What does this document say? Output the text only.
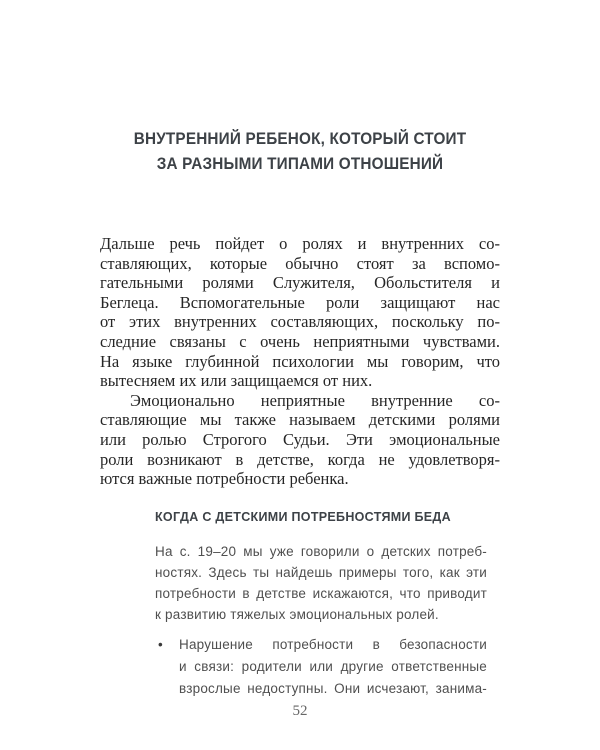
ВНУТРЕННИЙ РЕБЕНОК, КОТОРЫЙ СТОИТ
ЗА РАЗНЫМИ ТИПАМИ ОТНОШЕНИЙ
Дальше речь пойдет о ролях и внутренних со-
ставляющих, которые обычно стоят за вспомо-
гательными ролями Служителя, Обольстителя и
Беглеца. Вспомогательные роли защищают нас
от этих внутренних составляющих, поскольку по-
следние связаны с очень неприятными чувствами.
На языке глубинной психологии мы говорим, что
вытесняем их или защищаемся от них.
Эмоционально неприятные внутренние со-
ставляющие мы также называем детскими ролями
или ролью Строгого Судьи. Эти эмоциональные
роли возникают в детстве, когда не удовлетворя-
ются важные потребности ребенка.
КОГДА С ДЕТСКИМИ ПОТРЕБНОСТЯМИ БЕДА
На с. 19–20 мы уже говорили о детских потреб-
ностях. Здесь ты найдешь примеры того, как эти
потребности в детстве искажаются, что приводит
к развитию тяжелых эмоциональных ролей.
•	Нарушение потребности в безопасности
и связи: родители или другие ответственные
взрослые недоступны. Они исчезают, занима-
52
